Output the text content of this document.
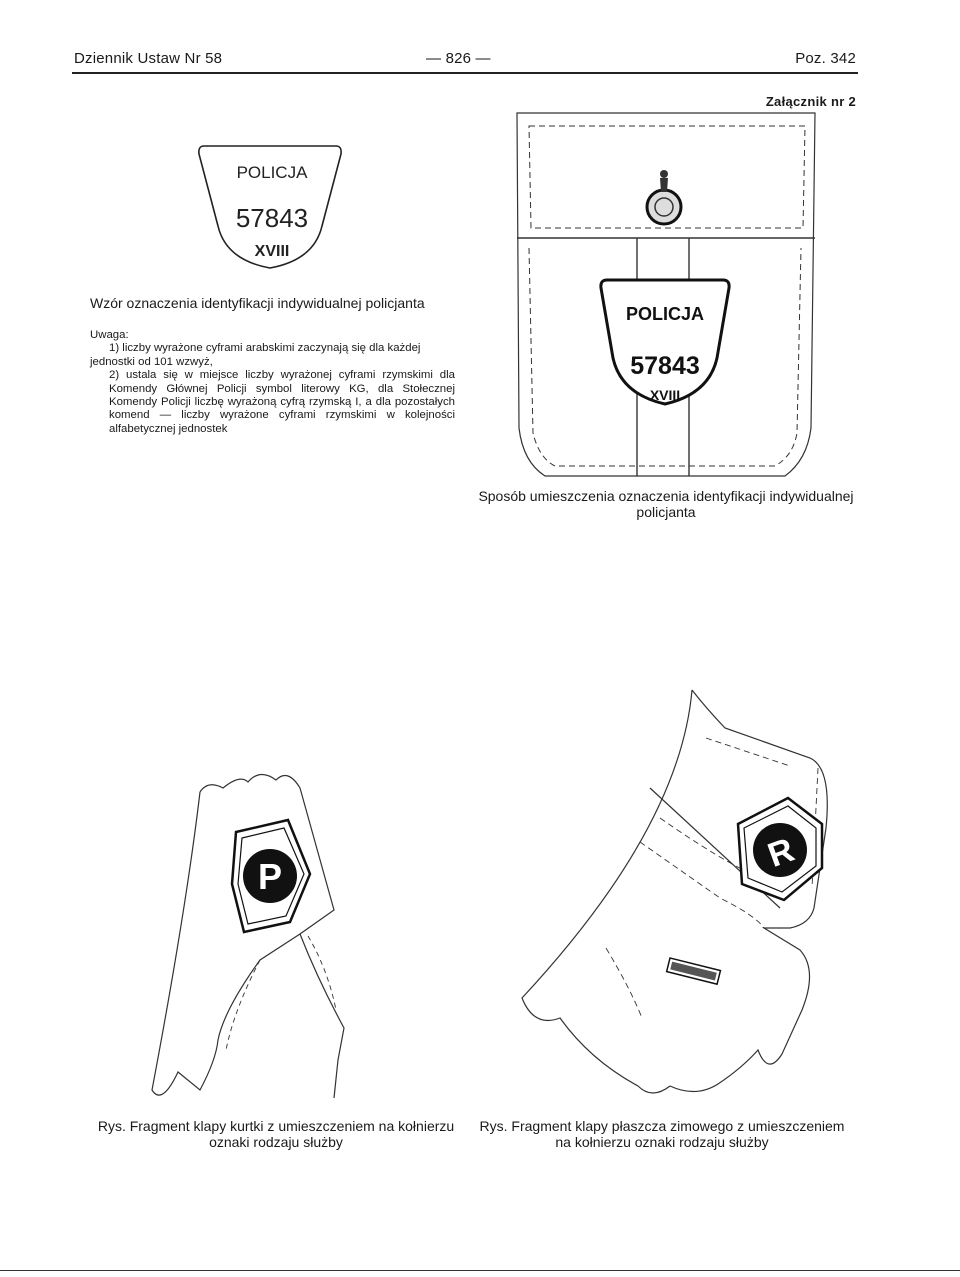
Dziennik Ustaw Nr 58	— 826 —	Poz. 342
Załącznik nr 2
POLICJA
57843
XVIII
Wzór oznaczenia identyfikacji indywidualnej policjanta

Uwaga:

1) liczby wyrażone cyframi arabskimi zaczynają się dla każdej

jednostki od 101 wzwyż,

2) ustala się w miejsce liczby wyrażonej cyframi rzymskimi dla Komendy Głównej Policji symbol literowy KG, dla Stołecznej Komendy Policji liczbę wyrażoną cyfrą rzymską I, a dla pozostałych komend — liczby wyrażone cyframi rzymskimi w kolejności alfabetycznej jednostek

POLICJA
57843
XVIII
Sposób umieszczenia oznaczenia identyfikacji indywidualnej policjanta
P
R
Rys. Fragment klapy kurtki z umieszczeniem na kołnierzu oznaki rodzaju służby
Rys. Fragment klapy płaszcza zimowego z umieszczeniem na kołnierzu oznaki rodzaju służby
